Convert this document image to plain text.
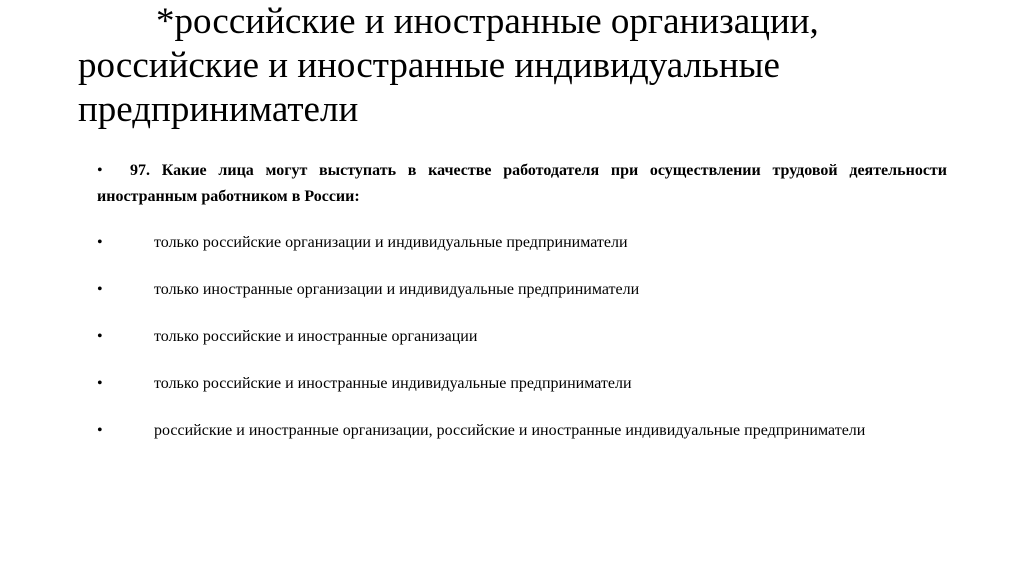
*российские и иностранные организации,
российские и иностранные индивидуальные
предприниматели
• 97. Какие лица могут выступать в качестве работодателя при осуществлении трудовой деятельности иностранным работником в России:
•	только российские организации и индивидуальные предприниматели
•	только иностранные организации и индивидуальные предприниматели
•	только российские и иностранные организации
•	только российские и иностранные индивидуальные предприниматели
•	российские и иностранные организации, российские и иностранные индивидуальные предприниматели
